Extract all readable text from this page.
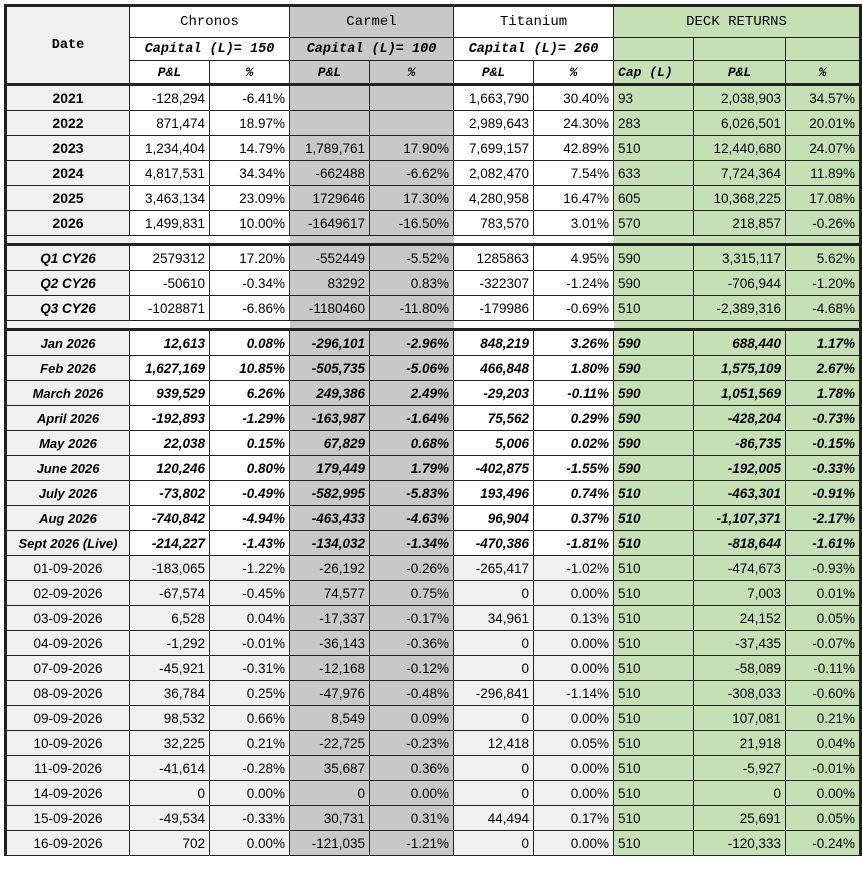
Date	Chronos		Carmel		Titanium		DECK RETURNS		
	Capital (L)= 150		Capital (L)= 100		Capital (L)= 260				
	P&L	%	P&L	%	P&L	%	Cap (L)	P&L	%
2021	-128,294	-6.41%			1,663,790	30.40%	93	2,038,903	34.57%
2022	871,474	18.97%			2,989,643	24.30%	283	6,026,501	20.01%
2023	1,234,404	14.79%	1,789,761	17.90%	7,699,157	42.89%	510	12,440,680	24.07%
2024	4,817,531	34.34%	-662488	-6.62%	2,082,470	7.54%	633	7,724,364	11.89%
2025	3,463,134	23.09%	1729646	17.30%	4,280,958	16.47%	605	10,368,225	17.08%
2026	1,499,831	10.00%	-1649617	-16.50%	783,570	3.01%	570	218,857	-0.26%

Q1 CY26	2579312	17.20%	-552449	-5.52%	1285863	4.95%	590	3,315,117	5.62%
Q2 CY26	-50610	-0.34%	83292	0.83%	-322307	-1.24%	590	-706,944	-1.20%
Q3 CY26	-1028871	-6.86%	-1180460	-11.80%	-179986	-0.69%	510	-2,389,316	-4.68%

Jan 2026	12,613	0.08%	-296,101	-2.96%	848,219	3.26%	590	688,440	1.17%
Feb 2026	1,627,169	10.85%	-505,735	-5.06%	466,848	1.80%	590	1,575,109	2.67%
March 2026	939,529	6.26%	249,386	2.49%	-29,203	-0.11%	590	1,051,569	1.78%
April 2026	-192,893	-1.29%	-163,987	-1.64%	75,562	0.29%	590	-428,204	-0.73%
May 2026	22,038	0.15%	67,829	0.68%	5,006	0.02%	590	-86,735	-0.15%
June 2026	120,246	0.80%	179,449	1.79%	-402,875	-1.55%	590	-192,005	-0.33%
July 2026	-73,802	-0.49%	-582,995	-5.83%	193,496	0.74%	510	-463,301	-0.91%
Aug 2026	-740,842	-4.94%	-463,433	-4.63%	96,904	0.37%	510	-1,107,371	-2.17%
Sept 2026 (Live)	-214,227	-1.43%	-134,032	-1.34%	-470,386	-1.81%	510	-818,644	-1.61%
01-09-2026	-183,065	-1.22%	-26,192	-0.26%	-265,417	-1.02%	510	-474,673	-0.93%
02-09-2026	-67,574	-0.45%	74,577	0.75%	0	0.00%	510	7,003	0.01%
03-09-2026	6,528	0.04%	-17,337	-0.17%	34,961	0.13%	510	24,152	0.05%
04-09-2026	-1,292	-0.01%	-36,143	-0.36%	0	0.00%	510	-37,435	-0.07%
07-09-2026	-45,921	-0.31%	-12,168	-0.12%	0	0.00%	510	-58,089	-0.11%
08-09-2026	36,784	0.25%	-47,976	-0.48%	-296,841	-1.14%	510	-308,033	-0.60%
09-09-2026	98,532	0.66%	8,549	0.09%	0	0.00%	510	107,081	0.21%
10-09-2026	32,225	0.21%	-22,725	-0.23%	12,418	0.05%	510	21,918	0.04%
11-09-2026	-41,614	-0.28%	35,687	0.36%	0	0.00%	510	-5,927	-0.01%
14-09-2026	0	0.00%	0	0.00%	0	0.00%	510	0	0.00%
15-09-2026	-49,534	-0.33%	30,731	0.31%	44,494	0.17%	510	25,691	0.05%
16-09-2026	702	0.00%	-121,035	-1.21%	0	0.00%	510	-120,333	-0.24%
